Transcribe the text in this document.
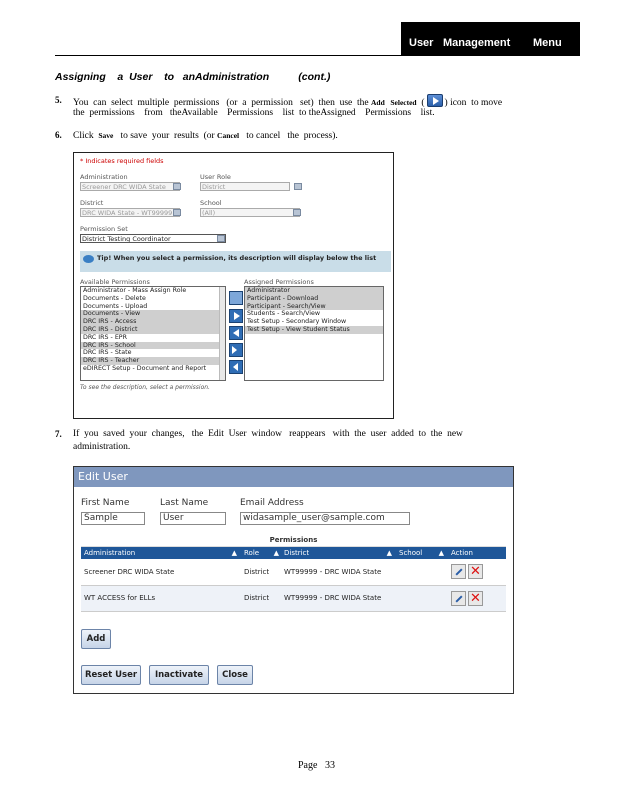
User Management Menu
Assigning    a  User    to   anAdministration          (cont.)
5. You  can  select  multiple  permissions   (or  a  permission   set)  then  use  the Add   Selected  ( ) icon  to move
the  permissions    from   theAvailable    Permissions    list  to theAssigned    Permissions    list.
6. Click Save to save  your  results  (or Cancel to cancel   the  process).
* Indicates required fields
Administration
Screener DRC WIDA State
User Role
District
District
DRC WIDA State - WT99999
School
(All)
Permission Set
District Testing Coordinator
Tip! When you select a permission, its description will display below the list
Available Permissions	Assigned Permissions
Administrator - Mass Assign Role
Documents - Delete
Documents - Upload
Documents - View
DRC IRS - Access
DRC IRS - District
DRC IRS - EPR
DRC IRS - School
DRC IRS - State
DRC IRS - Teacher
eDIRECT Setup - Document and Report
Administrator
Participant - Download
Participant - Search/View
Students - Search/View
Test Setup - Secondary Window
Test Setup - View Student Status
To see the description, select a permission.
7. If  you  saved  your  changes,   the  Edit  User  window   reappears   with  the  user  added  to  the  new
administration.
Edit User
First Name
Sample
Last Name
User
Email Address
widasample_user@sample.com
Permissions				
Administration ▲	Role ▲	District ▲	School ▲	Action
Screener DRC WIDA State	District	WT99999 - DRC WIDA State		✕
WT ACCESS for ELLs	District	WT99999 - DRC WIDA State		✕
Add
Reset User	Inactivate	Close
Page   33
